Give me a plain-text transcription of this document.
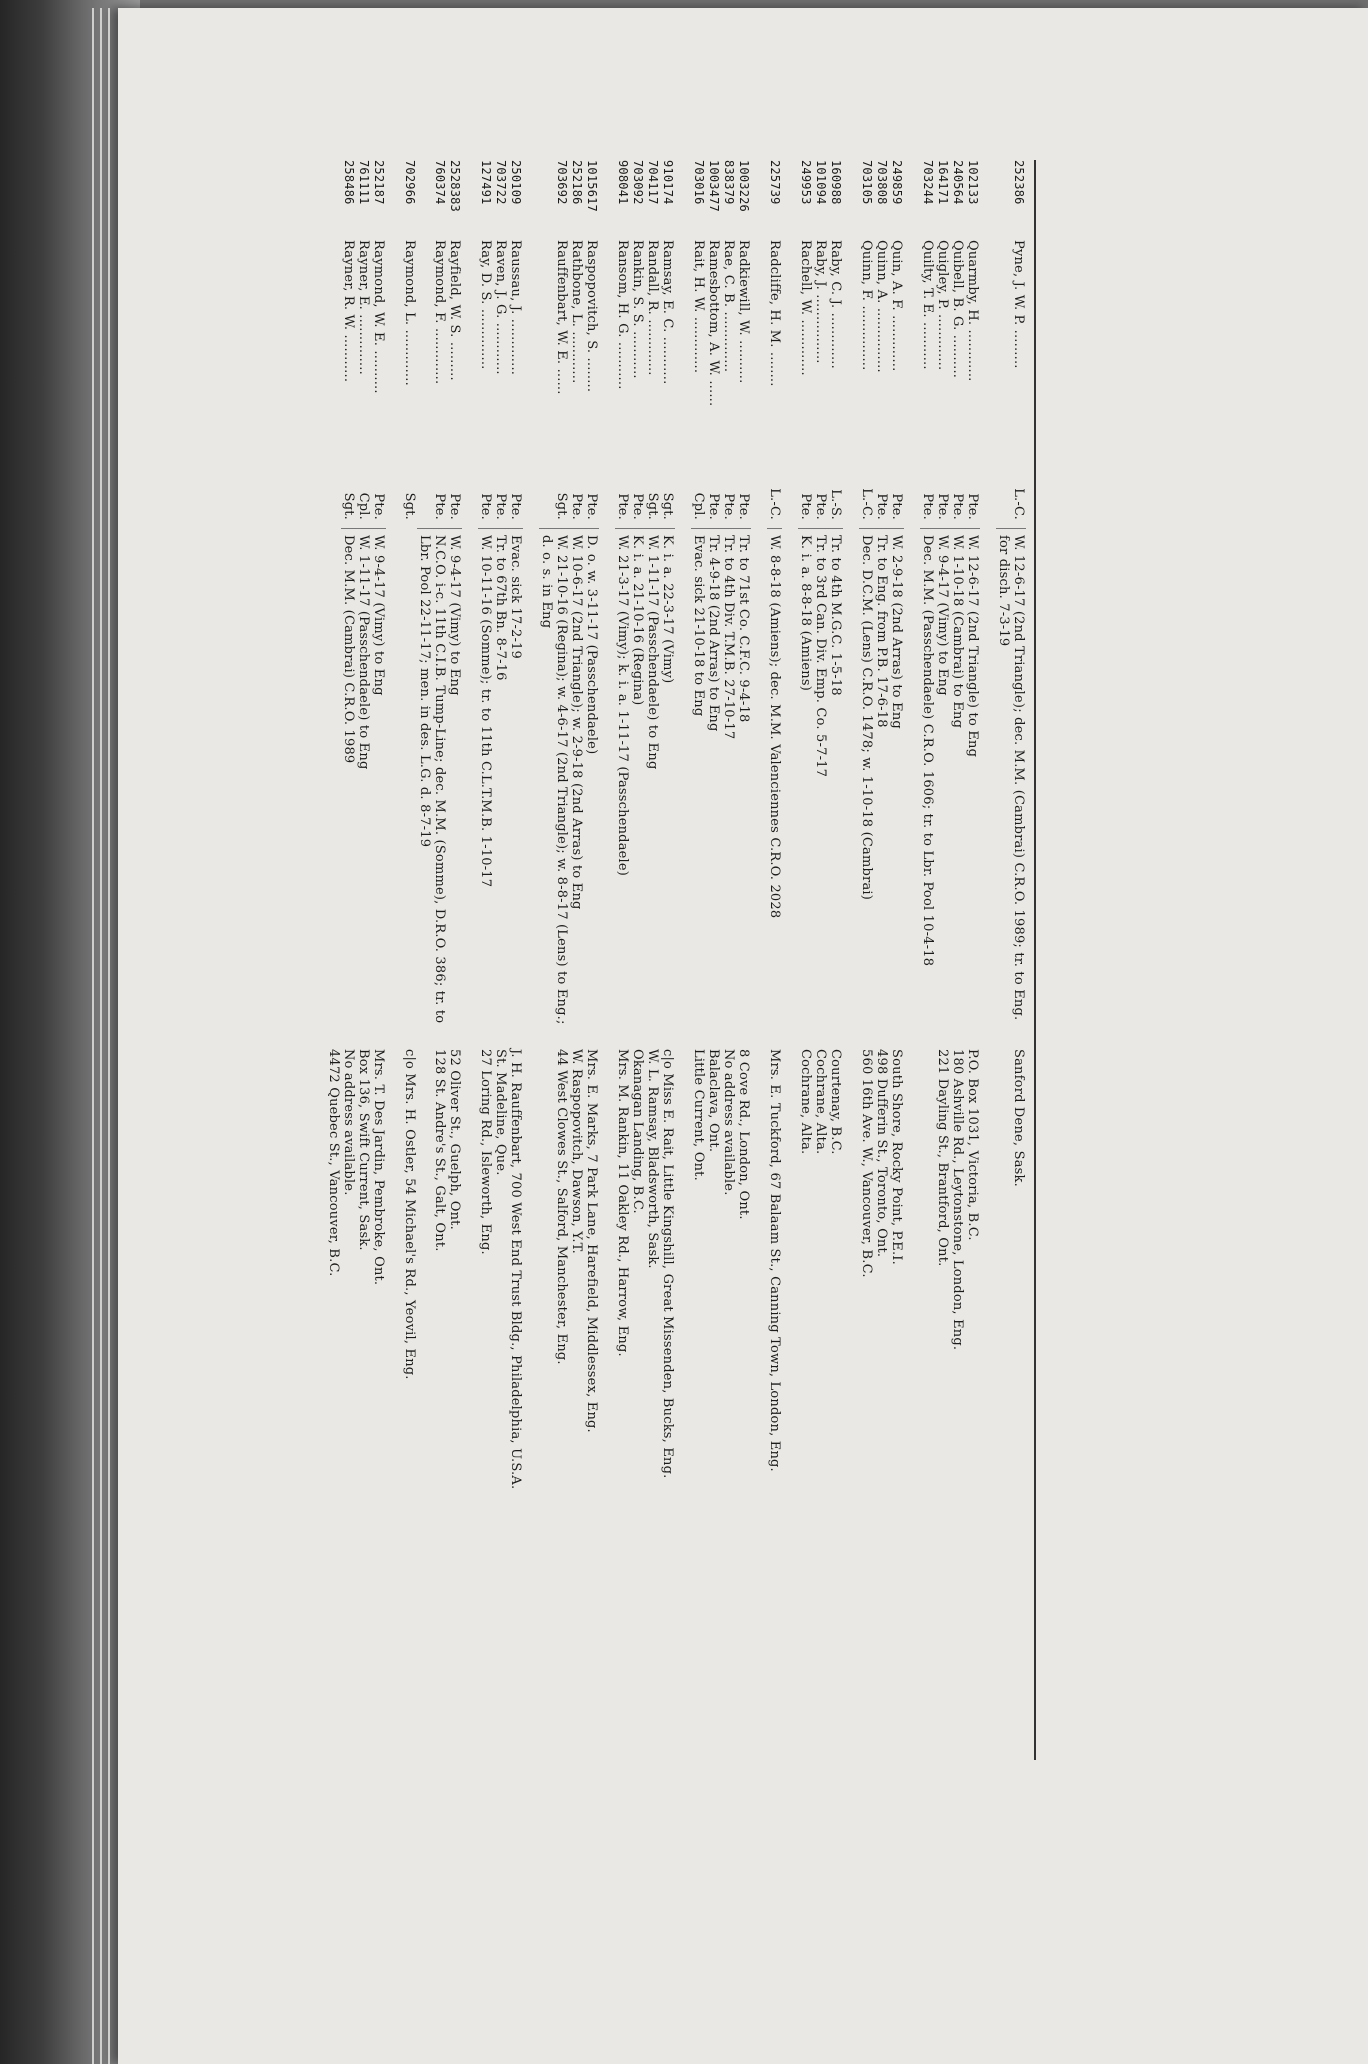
252386
Pyne, J. W. P. .........
L.-C.
W. 12-6-17 (2nd Triangle); dec. M.M. (Cambrai) C.R.O. 1989; tr. to Eng. for disch. 7-3-19
Sanford Dene, Sask.
102133
Quarmby, H. ............
Pte.
W. 12-6-17 (2nd Triangle) to Eng
P.O. Box 1031, Victoria, B.C.
240564
Quibell, B. G. ..........
Pte.
W. 1-10-18 (Cambrai) to Eng
180 Ashville Rd., Leytonstone, London, Eng.
164171
Quigley, P. .............
Pte.
W. 9-4-17 (Vimy) to Eng
221 Dayling St., Brantford, Ont.
703244
Quilty, T. E. ...........
Pte.
Dec. M.M. (Passchendaele) C.R.O. 1606; tr. to Lbr. Pool 10-4-18
249859
Quin, A. F. .............
Pte.
W. 2-9-18 (2nd Arras) to Eng
South Shore, Rocky Point, P.E.I.
703808
Quinn, A. ...............
Pte.
Tr. to Eng. from P.B. 17-6-18
498 Dufferin St., Toronto, Ont.
703105
Quinn, F. ...............
L.-C.
Dec. D.C.M. (Lens) C.R.O. 1478; w. 1-10-18 (Cambrai)
560 16th Ave. W., Vancouver, B.C.
160988
Raby, C. J. .............
L.-S.
Tr. to 4th M.G.C. 1-5-18
Courtenay, B.C.
101094
Raby, J. ................
Pte.
Tr. to 3rd Can. Div. Emp. Co. 5-7-17
Cochrane, Alta.
249953
Rachell, W. .............
Pte.
K. i. a. 8-8-18 (Amiens)
Cochrane, Alta.
225739
Radcliffe, H. M. ........
L.-C.
W. 8-8-18 (Amiens); dec. M.M. Valenciennes C.R.O. 2028
Mrs. E. Tuckford, 67 Balaam St., Canning Town, London, Eng.
1003226
Radkiewill, W. ..........
Pte.
Tr. to 71st Co. C.F.C. 9-4-18
8 Cove Rd., London, Ont.
838379
Rae, C. B. ..............
Pte.
Tr. to 4th Div. T.M.B. 27-10-17
No address available.
1003477
Ramesbottom, A. W. ......
Pte.
Tr. 4-9-18 (2nd Arras) to Eng
Balaclava, Ont.
703016
Rait, H. W. .............
Cpl.
Evac. sick 21-10-18 to Eng
Little Current, Ont.
910174
Ramsay, E. C. ...........
Sgt.
K. i. a. 22-3-17 (Vimy)
c|o Miss E. Rait, Little Kingshill, Great Missenden, Bucks, Eng.
704117
Randall, R. .............
Sgt.
W. 1-11-17 (Passchendaele) to Eng
W. L. Ramsay, Bladsworth, Sask.
703092
Rankin, S. S. ...........
Pte.
K. i. a. 21-10-16 (Regina)
Okanagan Landing, B.C.
908041
Ransom, H. G. ...........
Pte.
W. 21-3-17 (Vimy); k. i. a. 1-11-17 (Passchendaele)
Mrs. M. Rankin, 11 Oakley Rd., Harrow, Eng.
1015617
Raspopovitch, S. ........
Pte.
D. o. w. 3-11-17 (Passchendaele)
Mrs. E. Marks, 7 Park Lane, Harefield, Middlessex, Eng.
252186
Rathbone, L. ............
Pte.
W. 10-6-17 (2nd Triangle); w. 2-9-18 (2nd Arras) to Eng
W. Raspopovitch, Dawson, Y.T.
703692
Rauffenbart, W. E. ......
Sgt.
W. 21-10-16 (Regina); w. 4-6-17 (2nd Triangle); w. 8-8-17 (Lens) to Eng.; d. o. s. in Eng
44 West Clowes St., Salford, Manchester, Eng.
250109
Raussau, J. .............
Pte.
Evac. sick 17-2-19
J. H. Rauffenbart, 700 West End Trust Bldg., Philadelphia, U.S.A.
703722
Raven, J. G. ............
Pte.
Tr. to 67th Bn. 8-7-16
St. Madeline, Que.
127491
Ray, D. S. ..............
Pte.
W. 10-11-16 (Somme); tr. to 11th C.L.T.M.B. 1-10-17
27 Loring Rd., Isleworth, Eng.
2528383
Rayfield, W. S. .........
Pte.
W. 9-4-17 (Vimy) to Eng
52 Oliver St., Guelph, Ont.
760374
Raymond, F. .............
Pte.
N.C.O. i-c. 11th C.I.B. Tump-Line; dec. M.M. (Somme), D.R.O. 386; tr. to Lbr. Pool 22-11-17; men. in des. L.G. d. 8-7-19
128 St. Andre's St., Galt, Ont.
702966
Raymond, L. .............
Sgt.
c|o Mrs. H. Ostler, 54 Michael's Rd., Yeovil, Eng.
252187
Raymond, W. E. ..........
Pte.
W. 9-4-17 (Vimy) to Eng
Mrs. T. Des Jardin, Pembroke, Ont.
761111
Rayner, E. ..............
Cpl.
W. 1-11-17 (Passchendaele) to Eng
Box 136, Swift Current, Sask.
258486
Rayner, R. W. ...........
Sgt.
Dec. M.M. (Cambrai) C.R.O. 1989
No address available.
4472 Quebec St., Vancouver, B.C.
